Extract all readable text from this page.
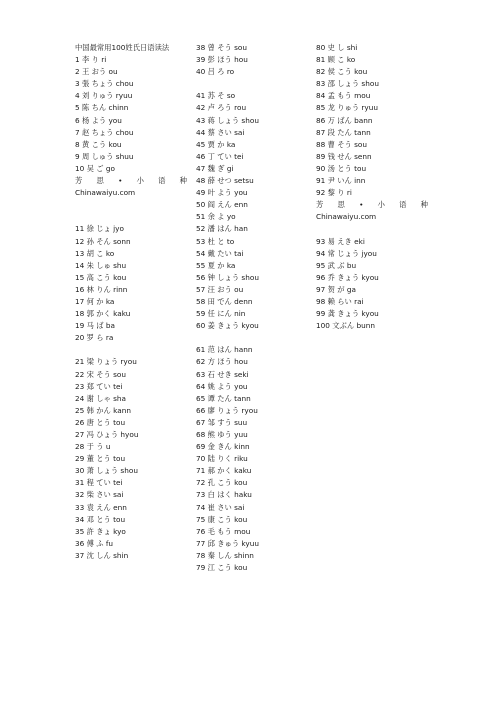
中国最常用100姓氏日语读法
1 李 り ri
2 王 おう ou
3 張 ちょう chou
4 刘 りゅう ryuu
5 陈 ちん chinn
6 杨 よう you
7 赵 ちょう chou
8 黄 こう kou
9 周 しゅう shuu
10 吴 ご go
芳 思 • 小 语 种
Chinawaiyu.com
11 徐 じょ jyo
12 孙 そん sonn
13 胡 こ ko
14 朱 しゅ shu
15 高 こう kou
16 林 りん rinn
17 何 か ka
18 郭 かく kaku
19 马 ば ba
20 罗 ら ra
21 梁 りょう ryou
22 宋 そう sou
23 郑 てい tei
24 谢 しゃ sha
25 韩 かん kann
26 唐 とう tou
27 冯 ひょう hyou
28 于 う u
29 董 とう tou
30 萧 しょう shou
31 程 てい tei
32 柴 さい sai
33 袁 えん enn
34 邓 とう tou
35 許 きょ kyo
36 傅 ふ fu
37 沈 しん shin
38 曾 そう sou
39 彭 ほう hou
40 吕 ろ ro
41 苏 そ so
42 卢 ろう rou
43 蒋 しょう shou
44 蔡 さい sai
45 贾 か ka
46 丁 てい tei
47 魏 ぎ gi
48 薛 せつ setsu
49 叶 よう you
50 阎 えん enn
51 余 よ yo
52 潘 はん han
53 杜 と to
54 戴 たい tai
55 夏 か ka
56 钟 しょう shou
57 汪 おう ou
58 田 でん denn
59 任 にん nin
60 姜 きょう kyou
61 范 はん hann
62 方 ほう hou
63 石 せき seki
64 姚 よう you
65 谭 たん tann
66 廖 りょう ryou
67 邹 すう suu
68 熊 ゆう yuu
69 金 きん kinn
70 陆 りく riku
71 郝 かく kaku
72 孔 こう kou
73 白 はく haku
74 崔 さい sai
75 康 こう kou
76 毛 もう mou
77 邱 きゅう kyuu
78 秦 しん shinn
79 江 こう kou
80 史 し shi
81 顾 こ ko
82 侯 こう kou
83 邵 しょう shou
84 孟 もう mou
85 龙 りゅう ryuu
86 万 ばん bann
87 段 たん tann
88 曹 そう sou
89 钱 せん senn
90 汤 とう tou
91 尹 いん inn
92 黎 り ri
芳 思 • 小 语 种
Chinawaiyu.com
93 易 えき eki
94 常 じょう jyou
95 武 ぶ bu
96 乔 きょう kyou
97 贺 が ga
98 赖 らい rai
99 龚 きょう kyou
100 文ぶん bunn
